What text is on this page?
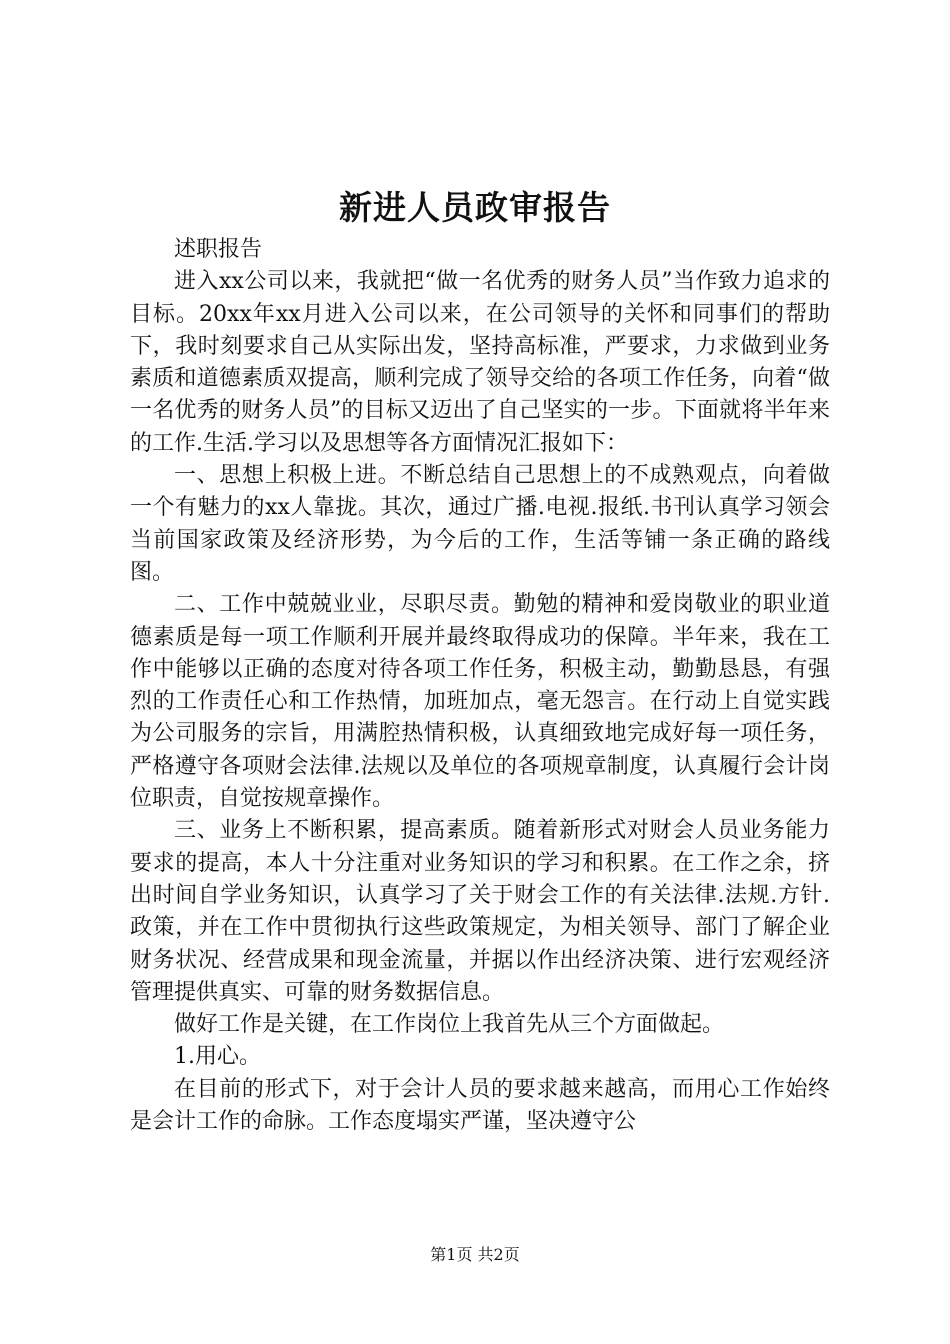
新进人员政审报告

述职报告

进入xx公司以来，我就把“做一名优秀的财务人员”当作致力追求的目标。20xx年xx月进入公司以来，在公司领导的关怀和同事们的帮助下，我时刻要求自己从实际出发，坚持高标准，严要求，力求做到业务素质和道德素质双提高，顺利完成了领导交给的各项工作任务，向着“做一名优秀的财务人员”的目标又迈出了自己坚实的一步。下面就将半年来的工作.生活.学习以及思想等各方面情况汇报如下：

一、思想上积极上进。不断总结自己思想上的不成熟观点，向着做一个有魅力的xx人靠拢。其次，通过广播.电视.报纸.书刊认真学习领会当前国家政策及经济形势，为今后的工作，生活等铺一条正确的路线图。

二、工作中兢兢业业，尽职尽责。勤勉的精神和爱岗敬业的职业道德素质是每一项工作顺利开展并最终取得成功的保障。半年来，我在工作中能够以正确的态度对待各项工作任务，积极主动，勤勤恳恳，有强烈的工作责任心和工作热情，加班加点，毫无怨言。在行动上自觉实践为公司服务的宗旨，用满腔热情积极，认真细致地完成好每一项任务，严格遵守各项财会法律.法规以及单位的各项规章制度，认真履行会计岗位职责，自觉按规章操作。

三、业务上不断积累，提高素质。随着新形式对财会人员业务能力要求的提高，本人十分注重对业务知识的学习和积累。在工作之余，挤出时间自学业务知识，认真学习了关于财会工作的有关法律.法规.方针.政策，并在工作中贯彻执行这些政策规定，为相关领导、部门了解企业财务状况、经营成果和现金流量，并据以作出经济决策、进行宏观经济管理提供真实、可靠的财务数据信息。

做好工作是关键，在工作岗位上我首先从三个方面做起。

1.用心。

在目前的形式下，对于会计人员的要求越来越高，而用心工作始终是会计工作的命脉。工作态度塌实严谨，坚决遵守公

第1页 共2页
